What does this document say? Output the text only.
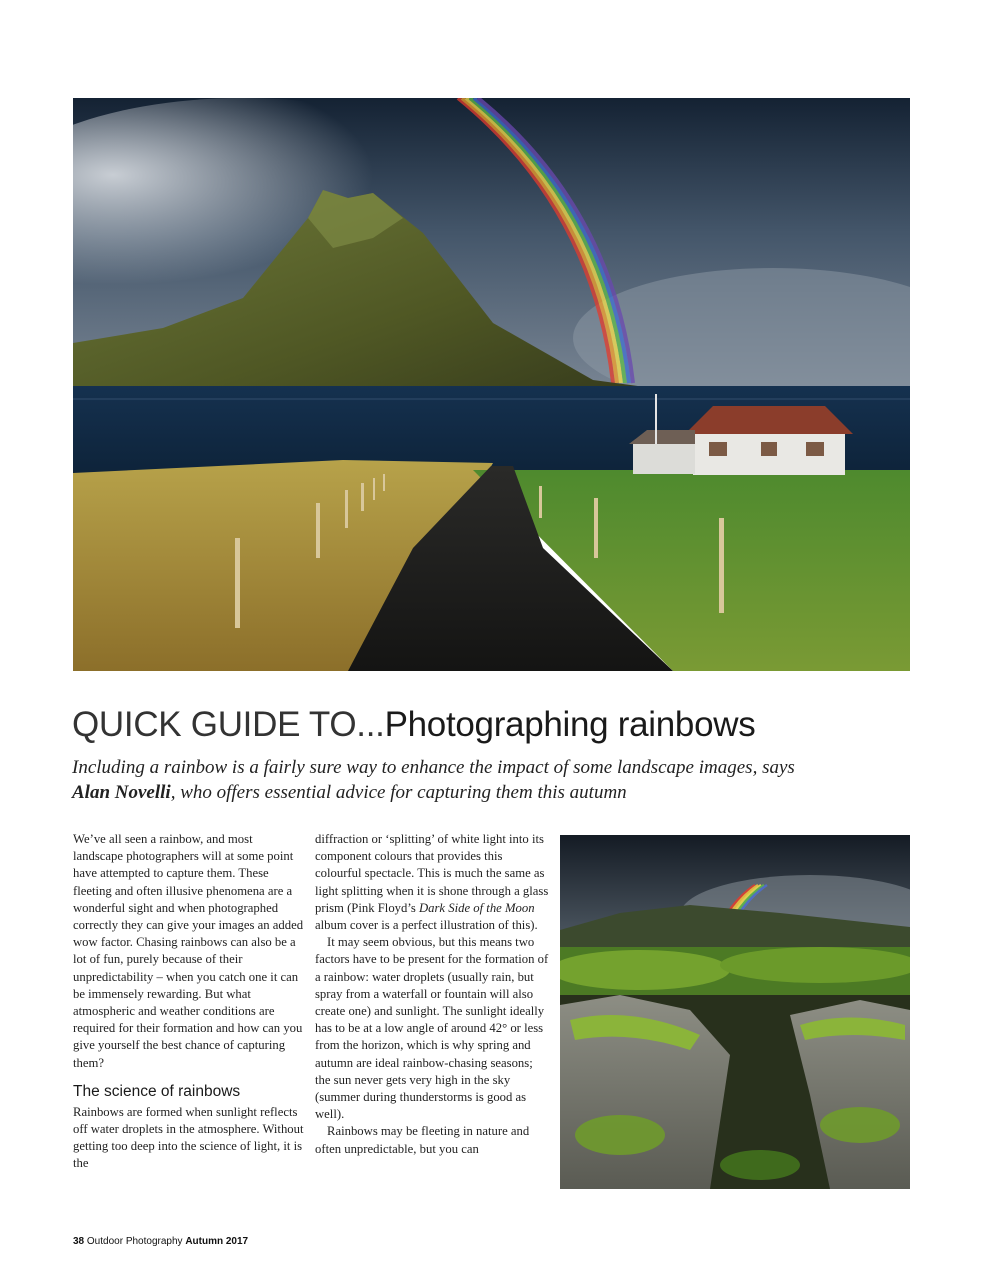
QUICK GUIDE TO...Photographing rainbows

Including a rainbow is a fairly sure way to enhance the impact of some landscape images, says Alan Novelli, who offers essential advice for capturing them this autumn

We’ve all seen a rainbow, and most landscape photographers will at some point have attempted to capture them. These fleeting and often illusive phenomena are a wonderful sight and when photographed correctly they can give your images an added wow factor. Chasing rainbows can also be a lot of fun, purely because of their unpredictability – when you catch one it can be immensely rewarding. But what atmospheric and weather conditions are required for their formation and how can you give yourself the best chance of capturing them?

The science of rainbows

Rainbows are formed when sunlight reflects off water droplets in the atmosphere. Without getting too deep into the science of light, it is the

diffraction or ‘splitting’ of white light into its component colours that provides this colourful spectacle. This is much the same as light splitting when it is shone through a glass prism (Pink Floyd’s Dark Side of the Moon album cover is a perfect illustration of this).

It may seem obvious, but this means two factors have to be present for the formation of a rainbow: water droplets (usually rain, but spray from a waterfall or fountain will also create one) and sunlight. The sunlight ideally has to be at a low angle of around 42° or less from the horizon, which is why spring and autumn are ideal rainbow-chasing seasons; the sun never gets very high in the sky (summer during thunderstorms is good as well).

Rainbows may be fleeting in nature and often unpredictable, but you can

38 Outdoor Photography Autumn 2017
